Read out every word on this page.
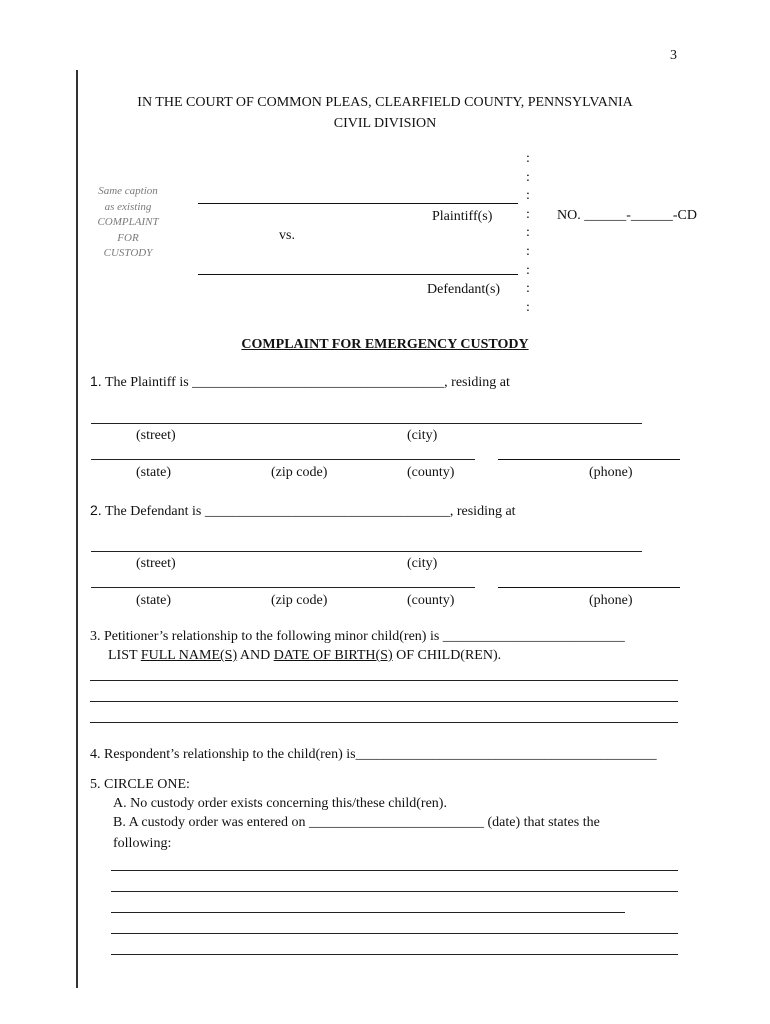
3
IN THE COURT OF COMMON PLEAS, CLEARFIELD COUNTY, PENNSYLVANIA
CIVIL DIVISION
Same caption
as existing
COMPLAINT
FOR
CUSTODY
Plaintiff(s)
vs.
Defendant(s)
:
:
:
:
:
:
:
:
:
NO. ______-______-CD
COMPLAINT FOR EMERGENCY CUSTODY
1. The Plaintiff is ____________________________________, residing at
(street)	(city)
(state)	(zip code)	(county)	(phone)
2. The Defendant is ___________________________________, residing at
(street)	(city)
(state)	(zip code)	(county)	(phone)
3. Petitioner’s relationship to the following minor child(ren) is __________________________
LIST FULL NAME(S) AND DATE OF BIRTH(S) OF CHILD(REN).
4. Respondent’s relationship to the child(ren) is___________________________________________
5. CIRCLE ONE:
A. No custody order exists concerning this/these child(ren).
B. A custody order was entered on _________________________ (date) that states the
following:
